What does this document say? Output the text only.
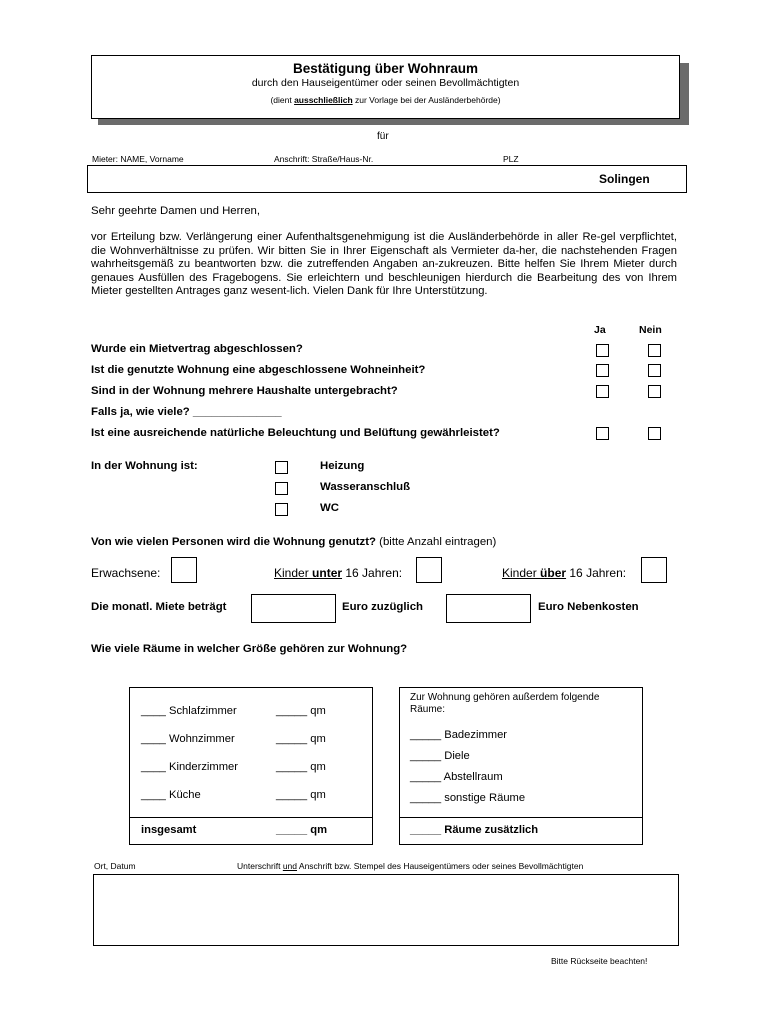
Bestätigung über Wohnraum
durch den Hauseigentümer oder seinen Bevollmächtigten
(dient ausschließlich zur Vorlage bei der Ausländerbehörde)
für
Mieter: NAME, Vorname	Anschrift: Straße/Haus-Nr.	PLZ
Solingen
Sehr geehrte Damen und Herren,
vor Erteilung bzw. Verlängerung einer Aufenthaltsgenehmigung ist die Ausländerbehörde in aller Re-gel verpflichtet, die Wohnverhältnisse zu prüfen. Wir bitten Sie in Ihrer Eigenschaft als Vermieter da-her, die nachstehenden Fragen wahrheitsgemäß zu beantworten bzw. die zutreffenden Angaben an-zukreuzen. Bitte helfen Sie Ihrem Mieter durch genaues Ausfüllen des Fragebogens. Sie erleichtern und beschleunigen hierdurch die Bearbeitung des von Ihrem Mieter gestellten Antrages ganz wesent-lich. Vielen Dank für Ihre Unterstützung.
Ja	Nein
Wurde ein Mietvertrag abgeschlossen?
Ist die genutzte Wohnung eine abgeschlossene Wohneinheit?
Sind in der Wohnung mehrere Haushalte untergebracht?
Falls ja, wie viele? ______________
Ist eine ausreichende natürliche Beleuchtung und Belüftung gewährleistet?
In der Wohnung ist:	Heizung
Wasseranschluß
WC
Von wie vielen Personen wird die Wohnung genutzt? (bitte Anzahl eintragen)
Erwachsene:	Kinder unter 16 Jahren:	Kinder über 16 Jahren:
Die monatl. Miete beträgt	Euro zuzüglich	Euro Nebenkosten
Wie viele Räume in welcher Größe gehören zur Wohnung?
____ Schlafzimmer	_____ qm
____ Wohnzimmer	_____ qm
____ Kinderzimmer	_____ qm
____ Küche	_____ qm
insgesamt	_____ qm
Zur Wohnung gehören außerdem folgende Räume:
_____ Badezimmer
_____ Diele
_____ Abstellraum
_____ sonstige Räume
_____ Räume zusätzlich
Ort, Datum	Unterschrift und Anschrift bzw. Stempel des Hauseigentümers oder seines Bevollmächtigten
Bitte Rückseite beachten!
